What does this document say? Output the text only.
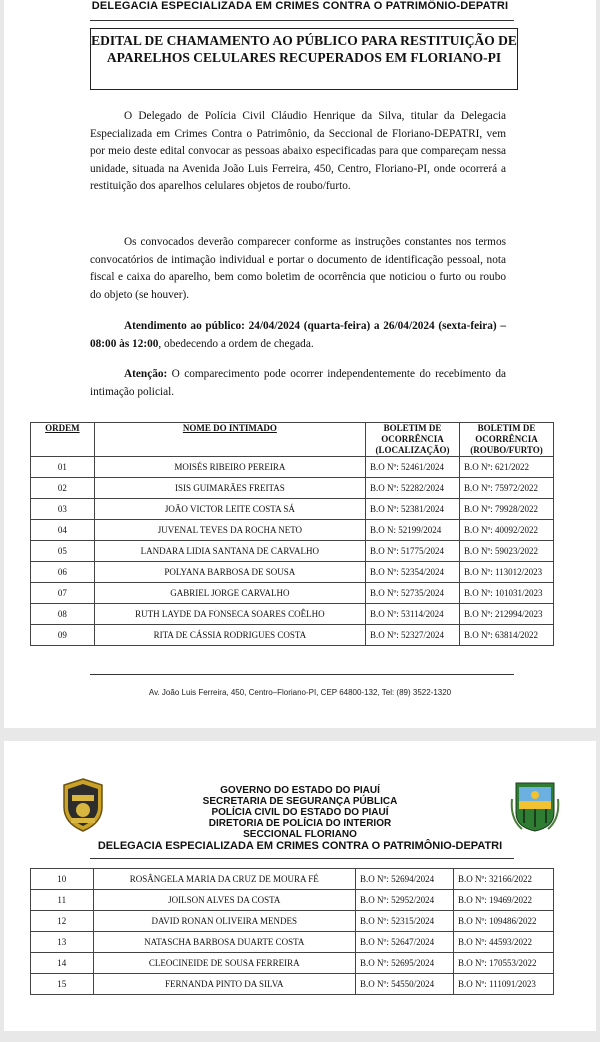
DELEGACIA ESPECIALIZADA EM CRIMES CONTRA O PATRIMÔNIO-DEPATRI
EDITAL DE CHAMAMENTO AO PÚBLICO PARA RESTITUIÇÃO DE
APARELHOS CELULARES RECUPERADOS EM FLORIANO-PI

O Delegado de Polícia Civil Cláudio Henrique da Silva, titular da Delegacia Especializada em Crimes Contra o Patrimônio, da Seccional de Floriano-DEPATRI, vem por meio deste edital convocar as pessoas abaixo especificadas para que compareçam nessa unidade, situada na Avenida João Luis Ferreira, 450, Centro, Floriano-PI, onde ocorrerá a restituição dos aparelhos celulares objetos de roubo/furto.

Os convocados deverão comparecer conforme as instruções constantes nos termos convocatórios de intimação individual e portar o documento de identificação pessoal, nota fiscal e caixa do aparelho, bem como boletim de ocorrência que noticiou o furto ou roubo do objeto (se houver).

Atendimento ao público: 24/04/2024 (quarta-feira) a 26/04/2024 (sexta-feira) – 08:00 às 12:00, obedecendo a ordem de chegada.

Atenção: O comparecimento pode ocorrer independentemente do recebimento da intimação policial.

ORDEM	NOME DO INTIMADO	BOLETIM DE OCORRÊNCIA (LOCALIZAÇÃO)	BOLETIM DE OCORRÊNCIA (ROUBO/FURTO)
01	MOISÉS RIBEIRO PEREIRA	B.O Nº: 52461/2024	B.O Nº: 621/2022
02	ISIS GUIMARÃES FREITAS	B.O Nº: 52282/2024	B.O Nº: 75972/2022
03	JOÃO VICTOR LEITE COSTA SÁ	B.O Nº: 52381/2024	B.O Nº: 79928/2022
04	JUVENAL TEVES DA ROCHA NETO	B.O N: 52199/2024	B.O Nº: 40092/2022
05	LANDARA LIDIA SANTANA DE CARVALHO	B.O Nº: 51775/2024	B.O Nº: 59023/2022
06	POLYANA BARBOSA DE SOUSA	B.O Nº: 52354/2024	B.O Nº: 113012/2023
07	GABRIEL JORGE CARVALHO	B.O Nº: 52735/2024	B.O Nº: 101031/2023
08	RUTH LAYDE DA FONSECA SOARES COÊLHO	B.O Nº: 53114/2024	B.O Nº: 212994/2023
09	RITA DE CÁSSIA RODRIGUES COSTA	B.O Nº: 52327/2024	B.O Nº: 63814/2022
Av. João Luis Ferreira, 450, Centro–Floriano-PI, CEP 64800-132, Tel: (89) 3522-1320
GOVERNO DO ESTADO DO PIAUÍ
SECRETARIA DE SEGURANÇA PÚBLICA
POLÍCIA CIVIL DO ESTADO DO PIAUÍ
DIRETORIA DE POLÍCIA DO INTERIOR
SECCIONAL FLORIANO
DELEGACIA ESPECIALIZADA EM CRIMES CONTRA O PATRIMÔNIO-DEPATRI
10	ROSÂNGELA MARIA DA CRUZ DE MOURA FÉ	B.O Nº: 52694/2024	B.O Nº: 32166/2022
11	JOILSON ALVES DA COSTA	B.O Nº: 52952/2024	B.O Nº: 19469/2022
12	DAVID RONAN OLIVEIRA MENDES	B.O Nº: 52315/2024	B.O Nº: 109486/2022
13	NATASCHA BARBOSA DUARTE COSTA	B.O Nº: 52647/2024	B.O Nº: 44593/2022
14	CLEOCINEIDE DE SOUSA FERREIRA	B.O Nº: 52695/2024	B.O Nº: 170553/2022
15	FERNANDA PINTO DA SILVA	B.O Nº: 54550/2024	B.O Nº: 111091/2023
